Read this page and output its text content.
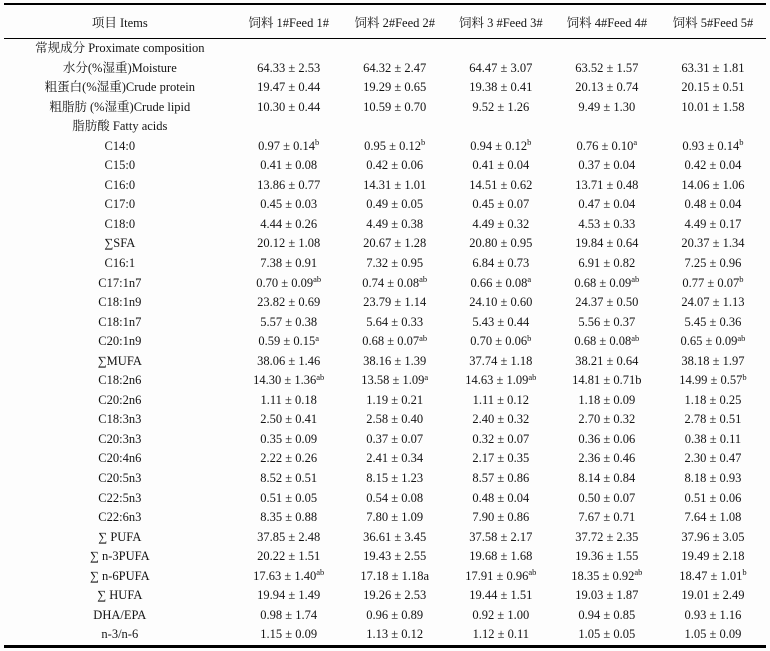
项目 Items	饲料 1#Feed 1#	饲料 2#Feed 2#	饲料 3 #Feed 3#	饲料 4#Feed 4#	饲料 5#Feed 5#
常规成分 Proximate composition					
水分(%湿重)Moisture	64.33 ± 2.53	64.32 ± 2.47	64.47 ± 3.07	63.52 ± 1.57	63.31 ± 1.81
粗蛋白(%湿重)Crude protein	19.47 ± 0.44	19.29 ± 0.65	19.38 ± 0.41	20.13 ± 0.74	20.15 ± 0.51
粗脂肪 (%湿重)Crude lipid	10.30 ± 0.44	10.59 ± 0.70	9.52 ± 1.26	9.49 ± 1.30	10.01 ± 1.58
脂肪酸 Fatty acids					
C14:0	0.97 ± 0.14$^b$	0.95 ± 0.12$^b$	0.94 ± 0.12$^b$	0.76 ± 0.10$^a$	0.93 ± 0.14$^b$
C15:0	0.41 ± 0.08	0.42 ± 0.06	0.41 ± 0.04	0.37 ± 0.04	0.42 ± 0.04
C16:0	13.86 ± 0.77	14.31 ± 1.01	14.51 ± 0.62	13.71 ± 0.48	14.06 ± 1.06
C17:0	0.45 ± 0.03	0.49 ± 0.05	0.45 ± 0.07	0.47 ± 0.04	0.48 ± 0.04
C18:0	4.44 ± 0.26	4.49 ± 0.38	4.49 ± 0.32	4.53 ± 0.33	4.49 ± 0.17
∑SFA	20.12 ± 1.08	20.67 ± 1.28	20.80 ± 0.95	19.84 ± 0.64	20.37 ± 1.34
C16:1	7.38 ± 0.91	7.32 ± 0.95	6.84 ± 0.73	6.91 ± 0.82	7.25 ± 0.96
C17:1n7	0.70 ± 0.09$^{ab}$	0.74 ± 0.08$^{ab}$	0.66 ± 0.08$^a$	0.68 ± 0.09$^{ab}$	0.77 ± 0.07$^b$
C18:1n9	23.82 ± 0.69	23.79 ± 1.14	24.10 ± 0.60	24.37 ± 0.50	24.07 ± 1.13
C18:1n7	5.57 ± 0.38	5.64 ± 0.33	5.43 ± 0.44	5.56 ± 0.37	5.45 ± 0.36
C20:1n9	0.59 ± 0.15$^a$	0.68 ± 0.07$^{ab}$	0.70 ± 0.06$^b$	0.68 ± 0.08$^{ab}$	0.65 ± 0.09$^{ab}$
∑MUFA	38.06 ± 1.46	38.16 ± 1.39	37.74 ± 1.18	38.21 ± 0.64	38.18 ± 1.97
C18:2n6	14.30 ± 1.36$^{ab}$	13.58 ± 1.09$^a$	14.63 ± 1.09$^{ab}$	14.81 ± 0.71b	14.99 ± 0.57$^b$
C20:2n6	1.11 ± 0.18	1.19 ± 0.21	1.11 ± 0.12	1.18 ± 0.09	1.18 ± 0.25
C18:3n3	2.50 ± 0.41	2.58 ± 0.40	2.40 ± 0.32	2.70 ± 0.32	2.78 ± 0.51
C20:3n3	0.35 ± 0.09	0.37 ± 0.07	0.32 ± 0.07	0.36 ± 0.06	0.38 ± 0.11
C20:4n6	2.22 ± 0.26	2.41 ± 0.34	2.17 ± 0.35	2.36 ± 0.46	2.30 ± 0.47
C20:5n3	8.52 ± 0.51	8.15 ± 1.23	8.57 ± 0.86	8.14 ± 0.84	8.18 ± 0.93
C22:5n3	0.51 ± 0.05	0.54 ± 0.08	0.48 ± 0.04	0.50 ± 0.07	0.51 ± 0.06
C22:6n3	8.35 ± 0.88	7.80 ± 1.09	7.90 ± 0.86	7.67 ± 0.71	7.64 ± 1.08
∑ PUFA	37.85 ± 2.48	36.61 ± 3.45	37.58 ± 2.17	37.72 ± 2.35	37.96 ± 3.05
∑ n-3PUFA	20.22 ± 1.51	19.43 ± 2.55	19.68 ± 1.68	19.36 ± 1.55	19.49 ± 2.18
∑ n-6PUFA	17.63 ± 1.40$^{ab}$	17.18 ± 1.18a	17.91 ± 0.96$^{ab}$	18.35 ± 0.92$^{ab}$	18.47 ± 1.01$^b$
∑ HUFA	19.94 ± 1.49	19.26 ± 2.53	19.44 ± 1.51	19.03 ± 1.87	19.01 ± 2.49
DHA/EPA	0.98 ± 1.74	0.96 ± 0.89	0.92 ± 1.00	0.94 ± 0.85	0.93 ± 1.16
n-3/n-6	1.15 ± 0.09	1.13 ± 0.12	1.12 ± 0.11	1.05 ± 0.05	1.05 ± 0.09
